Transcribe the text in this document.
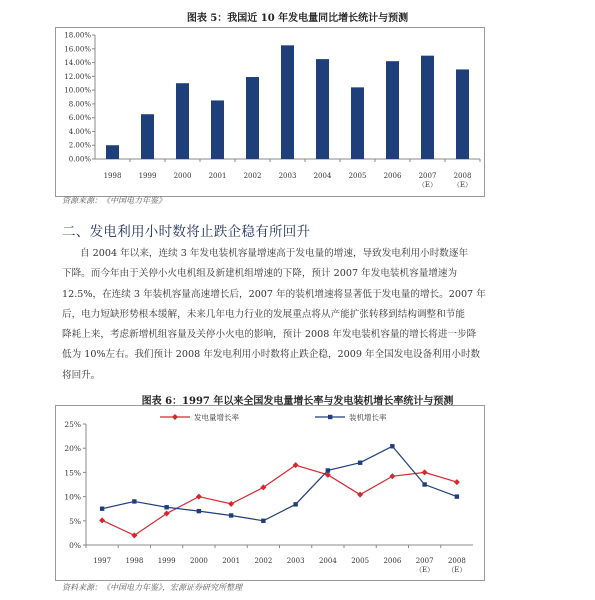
图表 5：我国近 10 年发电量同比增长统计与预测
0.00%
2.00%
4.00%
6.00%
8.00%
10.00%
12.00%
14.00%
16.00%
18.00%
1998 1999 2000 2001 2002 2003 2004 2005 2006 2007
（E）
2008
（E）
资源来源：《中国电力年鉴》
二、发电利用小时数将止跌企稳有所回升
自 2004 年以来，连续 3 年发电装机容量增速高于发电量的增速，导致发电利用小时数逐年
下降。而今年由于关停小火电机组及新建机组增速的下降，预计 2007 年发电装机容量增速为
12.5%，在连续 3 年装机容量高速增长后，2007 年的装机增速将显著低于发电量的增长。2007 年
后，电力短缺形势根本缓解，未来几年电力行业的发展重点将从产能扩张转移到结构调整和节能
降耗上来，考虑新增机组容量及关停小火电的影响，预计 2008 年发电装机容量的增长将进一步降
低为 10%左右。我们预计 2008 年发电利用小时数将止跌企稳，2009 年全国发电设备利用小时数
将回升。
图表 6：1997 年以来全国发电量增长率与发电装机增长率统计与预测
0%
5%
10%
15%
20%
25%
1997 1998 1999 2000 2001 2002 2003 2004 2005 2006 2007
（E）
2008
（E）
发电量增长率	装机增长率
资料来源：《中国电力年鉴》，宏源证券研究所整理
